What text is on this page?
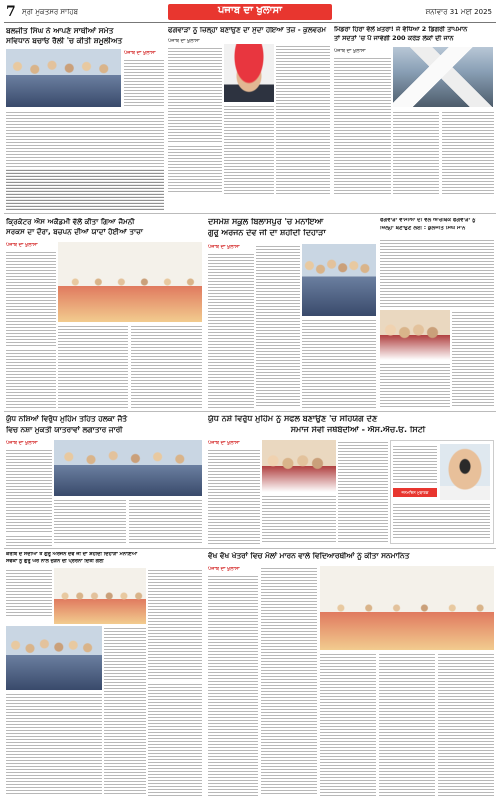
7 ਸ੍ਰੀ ਮੁਕਤਸਰ ਸਾਹਿਬ	ਪੰਜਾਬ ਦਾ ਖੁਲਾਸਾ	ਸ਼ਨੀਵਾਰ 31 ਮਈ 2025
ਬਲਜੀਤ ਸਿੰਘ ਨੇ ਆਪਣੇ ਸਾਥੀਆਂ ਸਮੇਤ
ਸਵਿਧਾਨ ਬਚਾਓ ਰੈਲੀ 'ਚ ਕੀਤੀ ਸ਼ਮੂਲੀਅਤ
ਪੰਜਾਬ ਦਾ ਖੁਲਾਸਾ
ਫਗਵਾੜਾ ਨੂੰ ਜ਼ਿਲ੍ਹਾ ਬਣਾਉਣ ਦਾ ਮੁੱਦਾ ਹੋਇਆ ਤੇਜ਼ - ਕੁਲਵਰਮ
ਪੰਜਾਬ ਦਾ ਖੁਲਾਸਾ
ਮਿੰਡਰਾ ਹਿਰਾ ਵੱਲੋਂ ਖ਼ਤਰਾ! ਜੇ ਵੱਧਿਆ 2 ਡਿਗਰੀ ਤਾਪਮਾਨ
ਤਾਂ ਸਦਤਾਂ 'ਚ ਪੈ ਜਾਵੇਗੀ 200 ਕਰੋੜ ਲੋਕਾਂ ਦੀ ਜਾਨ
ਪੰਜਾਬ ਦਾ ਖੁਲਾਸਾ
ਕ੍ਰਿਕੇਟਰ ਐਸ ਅਕੈਡਮੀ ਵੱਲੋਂ ਕੀਤਾ ਗਿਆ ਜੈਮਨੀ
ਸਰਕਸ ਦਾ ਦੌਰਾ, ਬਚਪਨ ਦੀਆਂ ਯਾਦਾਂ ਹੋਈਆਂ ਤਾਜ਼ਾ
ਪੰਜਾਬ ਦਾ ਖੁਲਾਸਾ
ਦਸਮੇਸ਼ ਸਕੂਲ ਬਿਲਾਸਪੁਰ 'ਚ ਮਨਾਇਆ
ਗੁਰੂ ਅਰਜਨ ਦੇਵ ਜੀ ਦਾ ਸ਼ਹੀਦੀ ਦਿਹਾੜਾ
ਪੰਜਾਬ ਦਾ ਖੁਲਾਸਾ
ਫਗਵਾੜਾ ਵਾਸੀਆਂ ਦੀ ਵੱਲੋਂ ਆਰਥਿਕ ਫਗਵਾੜਾ ਨੂੰ
ਜ਼ਿਲ੍ਹਾ ਬਣਾਉਣ ਲਈ : ਕੁਲਜੀਤ ਸਿੰਘ ਮਾਨ
ਯੁੱਧ ਨਸ਼ਿਆਂ ਵਿਰੁੱਧ ਮੁਹਿੰਮ ਤਹਿਤ ਹਲਕਾ ਜੈਤੋ
ਵਿਚ ਨਸ਼ਾ ਮੁਕਤੀ ਯਾਤਰਾਵਾਂ ਲਗਾਤਾਰ ਜਾਰੀ
ਪੰਜਾਬ ਦਾ ਖੁਲਾਸਾ
ਯੁੱਧ ਨਸ਼ੇ ਵਿਰੁੱਧ ਮੁਹਿੰਮ ਨੂੰ ਸਫਲ ਬਣਾਉਣ 'ਚ ਸਹਿਯੋਗ ਦੇਣ
ਸਮਾਜ ਸੇਵੀ ਜਥੇਬੰਦੀਆਂ - ਐਸ.ਐਚ.ਓ. ਸਿਟੀ
ਪੰਜਾਬ ਦਾ ਖੁਲਾਸਾ
ਜਨਮਦਿਨ ਮੁਬਾਰਕ
ਕਰੀਬ ਦੋ ਸਦੀਆਂ ਤੋਂ ਗੁਰੂ ਅਰਜਨ ਦੇਵ ਜੀ ਦਾ ਸ਼ਹੀਦੀ ਦਿਹਾੜਾ ਮਨਾਇਆ
ਸੇਵਕਾਂ ਨੂੰ ਗੁਰੂ ਘਰ ਨਾਲ ਜੁੜਨ ਦੀ ਪ੍ਰੇਰਨਾ ਦਿੱਤੀ ਗਈ
ਵੱਖ ਵੱਖ ਖੇਤਰਾਂ ਵਿਚ ਮੱਲਾਂ ਮਾਰਨ ਵਾਲੇ ਵਿਦਿਆਰਥੀਆਂ ਨੂੰ ਕੀਤਾ ਸਨਮਾਨਿਤ
ਪੰਜਾਬ ਦਾ ਖੁਲਾਸਾ
